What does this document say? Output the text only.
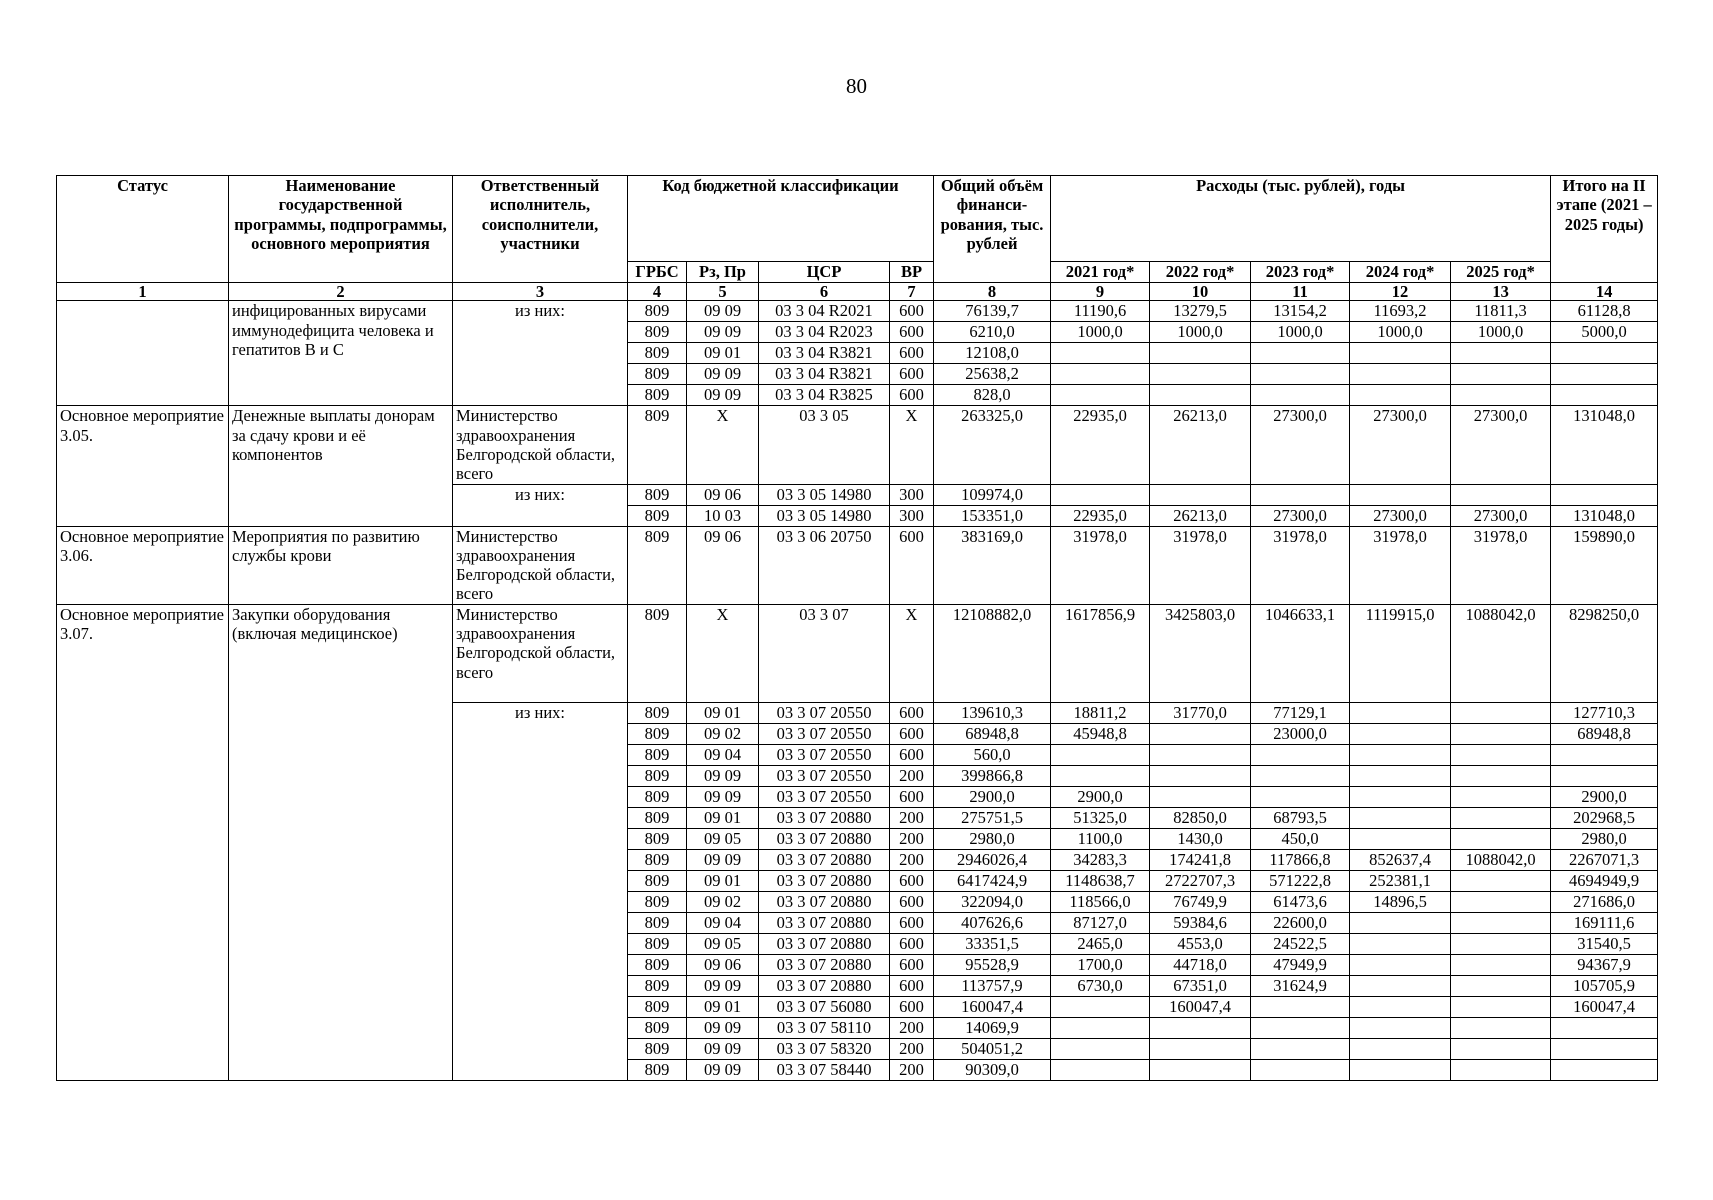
80
Статус	Наименование государственной программы, подпрограммы, основного мероприятия	Ответственный исполнитель, соисполнители, участники	Код бюджетной классификации				Общий объём финанси-рования, тыс. рублей	Расходы (тыс. рублей), годы					Итого на II этапе (2021 – 2025 годы)
			ГРБС	Рз, Пр	ЦСР	ВР		2021 год*	2022 год*	2023 год*	2024 год*	2025 год*	
1	2	3	4	5	6	7	8	9	10	11	12	13	14
	инфицированных вирусами иммунодефицита человека и гепатитов В и С	из них:	809	09 09	03 3 04 R2021	600	76139,7	11190,6	13279,5	13154,2	11693,2	11811,3	61128,8
			809	09 09	03 3 04 R2023	600	6210,0	1000,0	1000,0	1000,0	1000,0	1000,0	5000,0
			809	09 01	03 3 04 R3821	600	12108,0						
			809	09 09	03 3 04 R3821	600	25638,2						
			809	09 09	03 3 04 R3825	600	828,0						
Основное мероприятие 3.05.	Денежные выплаты донорам за сдачу крови и её компонентов	Министерство здравоохранения Белгородской области, всего	809	Х	03 3 05	Х	263325,0	22935,0	26213,0	27300,0	27300,0	27300,0	131048,0
		из них:	809	09 06	03 3 05 14980	300	109974,0						
			809	10 03	03 3 05 14980	300	153351,0	22935,0	26213,0	27300,0	27300,0	27300,0	131048,0
Основное мероприятие 3.06.	Мероприятия по развитию службы крови	Министерство здравоохранения Белгородской области, всего	809	09 06	03 3 06 20750	600	383169,0	31978,0	31978,0	31978,0	31978,0	31978,0	159890,0
Основное мероприятие 3.07.	Закупки оборудования (включая медицинское)	Министерство здравоохранения Белгородской области, всего	809	Х	03 3 07	Х	12108882,0	1617856,9	3425803,0	1046633,1	1119915,0	1088042,0	8298250,0
		из них:	809	09 01	03 3 07 20550	600	139610,3	18811,2	31770,0	77129,1			127710,3
			809	09 02	03 3 07 20550	600	68948,8	45948,8		23000,0			68948,8
			809	09 04	03 3 07 20550	600	560,0						
			809	09 09	03 3 07 20550	200	399866,8						
			809	09 09	03 3 07 20550	600	2900,0	2900,0					2900,0
			809	09 01	03 3 07 20880	200	275751,5	51325,0	82850,0	68793,5			202968,5
			809	09 05	03 3 07 20880	200	2980,0	1100,0	1430,0	450,0			2980,0
			809	09 09	03 3 07 20880	200	2946026,4	34283,3	174241,8	117866,8	852637,4	1088042,0	2267071,3
			809	09 01	03 3 07 20880	600	6417424,9	1148638,7	2722707,3	571222,8	252381,1		4694949,9
			809	09 02	03 3 07 20880	600	322094,0	118566,0	76749,9	61473,6	14896,5		271686,0
			809	09 04	03 3 07 20880	600	407626,6	87127,0	59384,6	22600,0			169111,6
			809	09 05	03 3 07 20880	600	33351,5	2465,0	4553,0	24522,5			31540,5
			809	09 06	03 3 07 20880	600	95528,9	1700,0	44718,0	47949,9			94367,9
			809	09 09	03 3 07 20880	600	113757,9	6730,0	67351,0	31624,9			105705,9
			809	09 01	03 3 07 56080	600	160047,4		160047,4				160047,4
			809	09 09	03 3 07 58110	200	14069,9						
			809	09 09	03 3 07 58320	200	504051,2						
			809	09 09	03 3 07 58440	200	90309,0						
